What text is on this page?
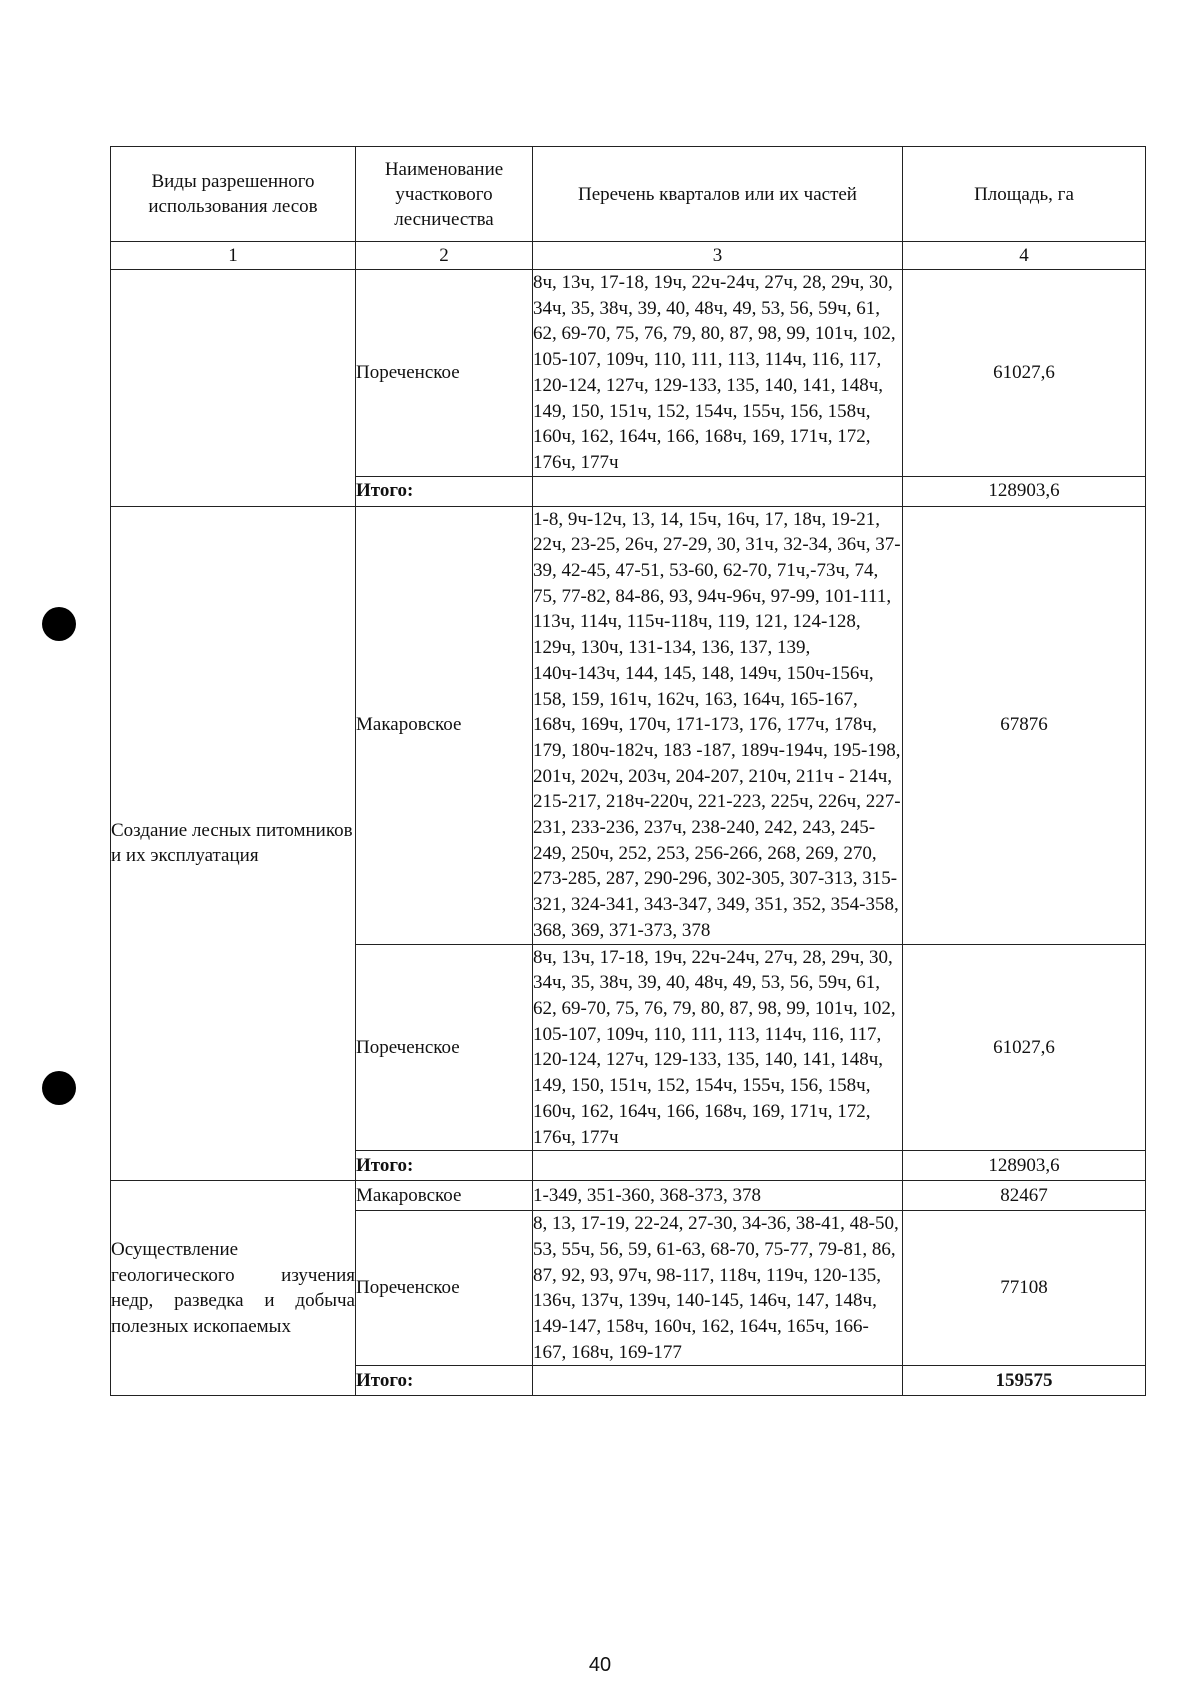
Виды разрешенного использования лесов	Наименование участкового лесничества	Перечень кварталов или их частей	Площадь, га
1	2	3	4
	Пореченское	8ч, 13ч, 17-18, 19ч, 22ч-24ч, 27ч, 28, 29ч, 30, 34ч, 35, 38ч, 39, 40, 48ч, 49, 53, 56, 59ч, 61, 62, 69-70, 75, 76, 79, 80, 87, 98, 99, 101ч, 102, 105-107, 109ч, 110, 111, 113, 114ч, 116, 117, 120-124, 127ч, 129-133, 135, 140, 141, 148ч, 149, 150, 151ч, 152, 154ч, 155ч, 156, 158ч, 160ч, 162, 164ч, 166, 168ч, 169, 171ч, 172, 176ч, 177ч	61027,6
	Итого:		128903,6
Создание лесных питомников и их эксплуатация	Макаровское	1-8, 9ч-12ч, 13, 14, 15ч, 16ч, 17, 18ч, 19-21, 22ч, 23-25, 26ч, 27-29, 30, 31ч, 32-34, 36ч, 37-39, 42-45, 47-51, 53-60, 62-70, 71ч,-73ч, 74, 75, 77-82, 84-86, 93, 94ч-96ч, 97-99, 101-111, 113ч, 114ч, 115ч-118ч, 119, 121, 124-128, 129ч, 130ч, 131-134, 136, 137, 139, 140ч-143ч, 144, 145, 148, 149ч, 150ч-156ч, 158, 159, 161ч, 162ч, 163, 164ч, 165-167, 168ч, 169ч, 170ч, 171-173, 176, 177ч, 178ч, 179, 180ч-182ч, 183 -187, 189ч-194ч, 195-198, 201ч, 202ч, 203ч, 204-207, 210ч, 211ч - 214ч, 215-217, 218ч-220ч, 221-223, 225ч, 226ч, 227-231, 233-236, 237ч, 238-240, 242, 243, 245-249, 250ч, 252, 253, 256-266, 268, 269, 270, 273-285, 287, 290-296, 302-305, 307-313, 315-321, 324-341, 343-347, 349, 351, 352, 354-358, 368, 369, 371-373, 378	67876
	Пореченское	8ч, 13ч, 17-18, 19ч, 22ч-24ч, 27ч, 28, 29ч, 30, 34ч, 35, 38ч, 39, 40, 48ч, 49, 53, 56, 59ч, 61, 62, 69-70, 75, 76, 79, 80, 87, 98, 99, 101ч, 102, 105-107, 109ч, 110, 111, 113, 114ч, 116, 117, 120-124, 127ч, 129-133, 135, 140, 141, 148ч, 149, 150, 151ч, 152, 154ч, 155ч, 156, 158ч, 160ч, 162, 164ч, 166, 168ч, 169, 171ч, 172, 176ч, 177ч	61027,6
	Итого:		128903,6
Осуществление геологического изучения недр, разведка и добыча полезных ископаемых	Макаровское	1-349, 351-360, 368-373, 378	82467
	Пореченское	8, 13, 17-19, 22-24, 27-30, 34-36, 38-41, 48-50, 53, 55ч, 56, 59, 61-63, 68-70, 75-77, 79-81, 86, 87, 92, 93, 97ч, 98-117, 118ч, 119ч, 120-135, 136ч, 137ч, 139ч, 140-145, 146ч, 147, 148ч, 149-147, 158ч, 160ч, 162, 164ч, 165ч, 166-167, 168ч, 169-177	77108
	Итого:		159575
40
